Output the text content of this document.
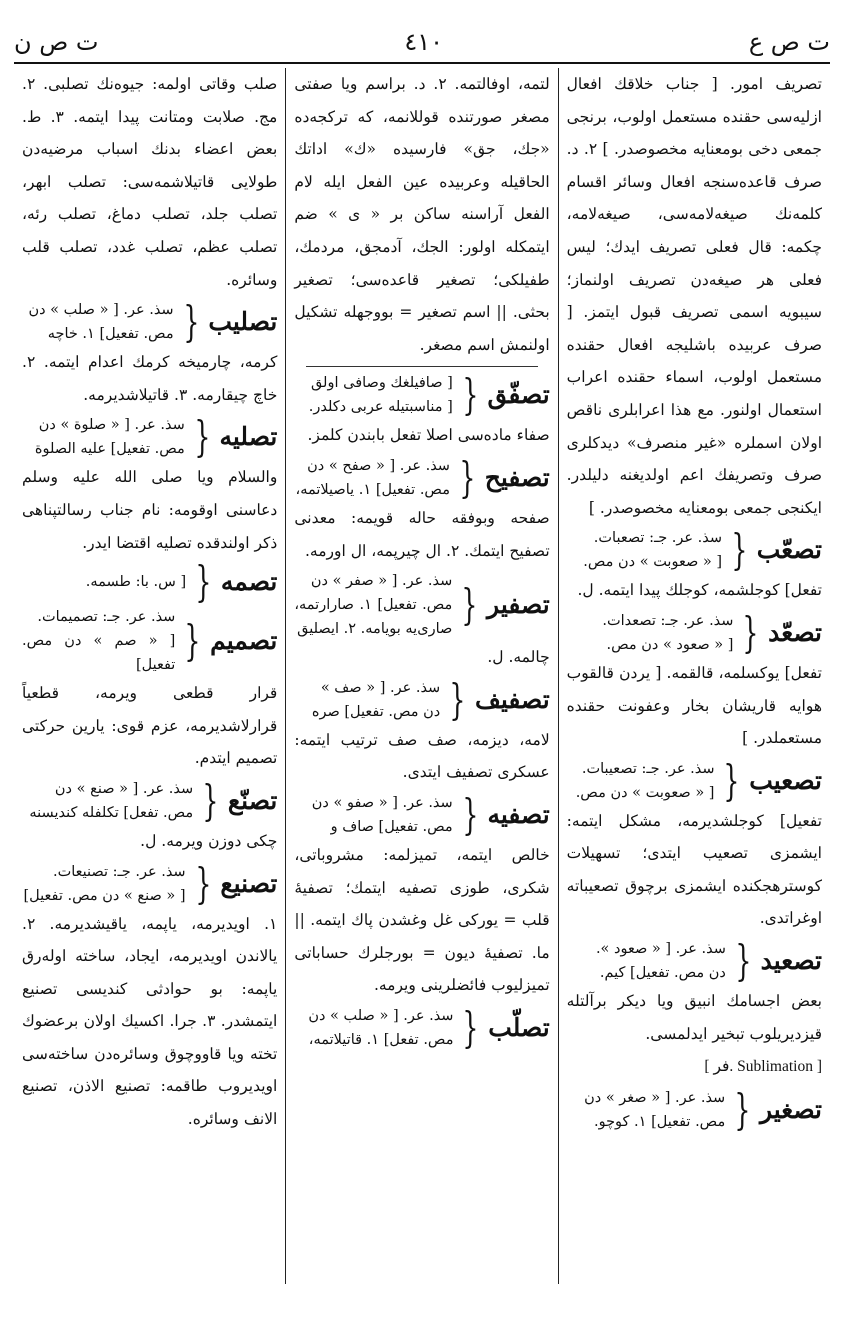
ت ص ع
٤١٠
ت ص ن

تصريف امور. [ جناب خلاقك افعال ازليه‌سی حقنده مستعمل اولوب، برنجی جمعی دخی بومعنایه مخصوصدر. ] ٢. د. صرف قاعده‌سنجه افعال وسائر اقسام كلمه‌نك صيغه‌لامه‌سی، صيغه‌لامه، چكمه: قال فعلى تصريف ايدك؛ ليس فعلی هر صيغه‌دن تصريف اولنماز؛ سيبويه اسمی تصريف قبول ايتمز. [ صرف عربيده باشليجه افعال حقنده مستعمل اولوب، اسماء حقنده اعراب استعمال اولنور. مع هذا اعرابلری ناقص اولان اسملره «غير منصرف» ديدكلری صرف وتصريفك اعم اولديغنه دليلدر. ايكنجی جمعی بومعنایه مخصوصدر. ]

تصعّب
{
سذ. عر. جـ: تصعبات.
[ « صعوبت » دن مص.

تفعل] كوجلشمه، كوجلك پيدا ايتمه. ‌ل.

تصعّد
{
سذ. عر. جـ: تصعدات.
[ « صعود » دن مص.

تفعل] يوكسلمه، قالقمه. [ يردن قالقوب هوایه قاريشان بخار وعفونت حقنده مستعملدر. ]

تصعيب
{
سذ. عر. جـ: تصعيبات.
[ « صعوبت » دن مص.

تفعيل] كوجلشديرمه، مشكل ايتمه: ايشمزی تصعيب ايتدی؛ تسهيلات كوسترهجكنده ايشمزی برچوق تصعيباته اوغراتدی.

تصعيد
{
سذ. عر. [ « صعود ».
دن مص. تفعيل] كيم.

بعض اجسامك انبيق ويا ديكر برآلتله قيزديريلوب تبخير ايدلمسی.

[ فر. Sublimation ]

تصغير
{
سذ. عر. [ « صغر » دن
مص. تفعيل] ١. كوچو.

لتمه، اوفالتمه. ٢. د. براسم ويا صفتی مصغر صورتنده قوللانمه، كه تركجه‌ده «جك، جق» فارسيده «ك» اداتك الحاقيله وعربيده عين الفعل ايله لام الفعل آراسنه ساكن بر « ى » ضم ايتمكله اولور: الجك، آدمجق، مردمك، طفيلكی؛ تصغير قاعده‌سی؛ تصغير بحثی. || اسم تصغير = بووجهله تشكيل اولنمش اسم مصغر.

تصفّق
{
[ صافيلغك وصافی اولق
[ مناسبتيله عربی دكلدر.

صفاء ماده‌سی اصلا تفعل بابندن كلمز.

تصفيح
{
سذ. عر. [ « صفح » دن
مص. تفعيل] ١. ياصيلاتمه،

صفحه وبوفقه حاله قويمه: معدنی تصفيح ايتمك. ٢. ال چيرپمه، ال اورمه.

تصفير
{
سذ. عر. [ « صفر » دن
مص. تفعيل] ١. صارارتمه، صاری‌يه بويامه. ٢. ايصليق

چالمه. ‌ل.

تصفيف
{
سذ. عر. [ « صف »
دن مص. تفعيل] صره‌

لامه، ديزمه، صف صف ترتيب ايتمه: عسكری تصفيف ايتدی.

تصفيه
{
سذ. عر. [ « صفو » دن
مص. تفعيل] صاف و

خالص ايتمه، تميزلمه: مشروباتی، شكری، طوزی تصفيه ايتمك؛ تصفيۀ قلب = يوركی غل وغشدن پاك ايتمه. || ما. تصفيۀ ديون = بورجلرك حساباتی تميزليوب فائضلرينی ويرمه.

تصلّب
{
سذ. عر. [ « صلب » دن
مص. تفعل] ١. قاتيلاتمه،

صلب وقاتی اولمه: جيوه‌نك تصلبی. ٢. مج. صلابت ومتانت پيدا ايتمه. ٣. ط. بعض اعضاء بدنك اسباب مرضيه‌دن طولايی قاتيلاشمه‌سی: تصلب ابهر، تصلب جلد، تصلب دماغ، تصلب رئه، تصلب عظم، تصلب غدد، تصلب قلب وسائره.

تصليب
{
سذ. عر. [ « صلب » دن
مص. تفعيل] ١. خاچه

كرمه، چارميخه كرمك اعدام ايتمه. ٢. خاچ چيقارمه. ٣. قاتيلاشديرمه.

تصليه
{
سذ. عر. [ « صلوة » دن
مص. تفعيل] عليه الصلوة

والسلام ويا صلى الله عليه وسلم دعاسنی اوقومه: نام جناب رسالتپناهی ذكر اولندقده تصليه اقتضا ايدر.

تصمه
{
[ س. با: طسمه.
تصميم
{
سذ. عر. جـ: تصميمات.
[ « صم » دن مص. تفعيل]

قرار قطعی ويرمه، قطعياً قرارلاشديرمه، عزم قوی: يارين حركتی تصميم ايتدم.

تصنّع
{
سذ. عر. [ « صنع » دن
مص. تفعل] تكلفله كنديسنه

چكی دوزن ويرمه. ‌ل.

تصنيع
{
سذ. عر. جـ: تصنيعات.
[ « صنع » دن مص. تفعيل]

١. اويديرمه، ياپمه، ياقيشديرمه. ٢. يالاندن اويديرمه، ايجاد، ساخته اولەرق ياپمه: بو حوادثی كنديسی تصنيع ايتمشدر. ٣. جرا. اكسيك اولان برعضوك تخته ويا قاووچوق وسائره‌دن ساخته‌سی اويديروب طاقمه: تصنيع الاذن، تصنيع الانف وسائره.
